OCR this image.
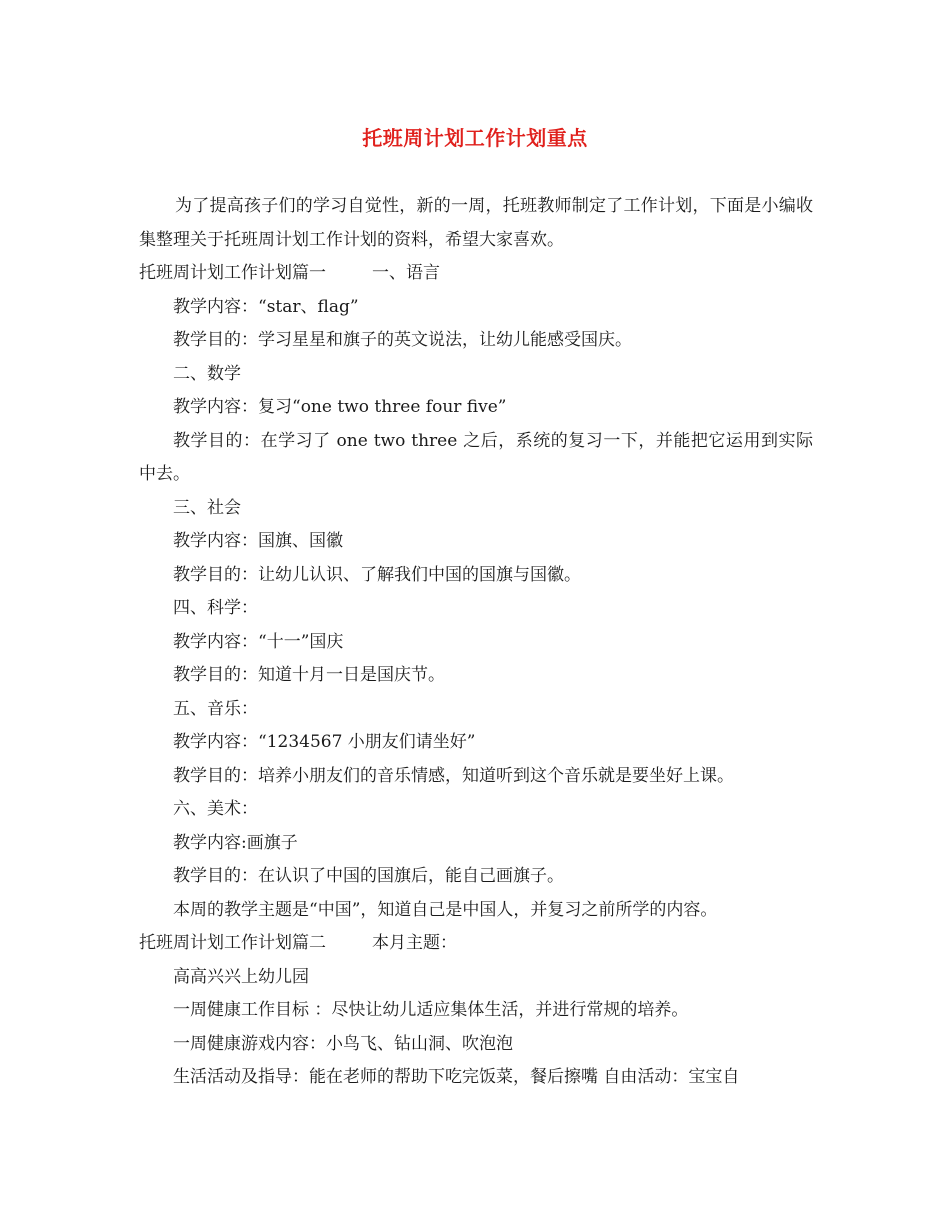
托班周计划工作计划重点

为了提高孩子们的学习自觉性，新的一周，托班教师制定了工作计划，下面是小编收集整理关于托班周计划工作计划的资料，希望大家喜欢。

托班周计划工作计划篇一	一、语言

教学内容：“star、flag”

教学目的：学习星星和旗子的英文说法，让幼儿能感受国庆。

二、数学

教学内容：复习“one two three four five”

教学目的：在学习了 one two three 之后，系统的复习一下，并能把它运用到实际中去。

三、社会

教学内容：国旗、国徽

教学目的：让幼儿认识、了解我们中国的国旗与国徽。

四、科学：

教学内容：“十一”国庆

教学目的：知道十月一日是国庆节。

五、音乐：

教学内容：“1234567 小朋友们请坐好”

教学目的：培养小朋友们的音乐情感，知道听到这个音乐就是要坐好上课。

六、美术：

教学内容:画旗子

教学目的：在认识了中国的国旗后，能自己画旗子。

本周的教学主题是“中国”，知道自己是中国人，并复习之前所学的内容。

托班周计划工作计划篇二	本月主题：

高高兴兴上幼儿园

一周健康工作目标 ：尽快让幼儿适应集体生活，并进行常规的培养。

一周健康游戏内容：小鸟飞、钻山洞、吹泡泡

生活活动及指导：能在老师的帮助下吃完饭菜，餐后擦嘴 自由活动：宝宝自
